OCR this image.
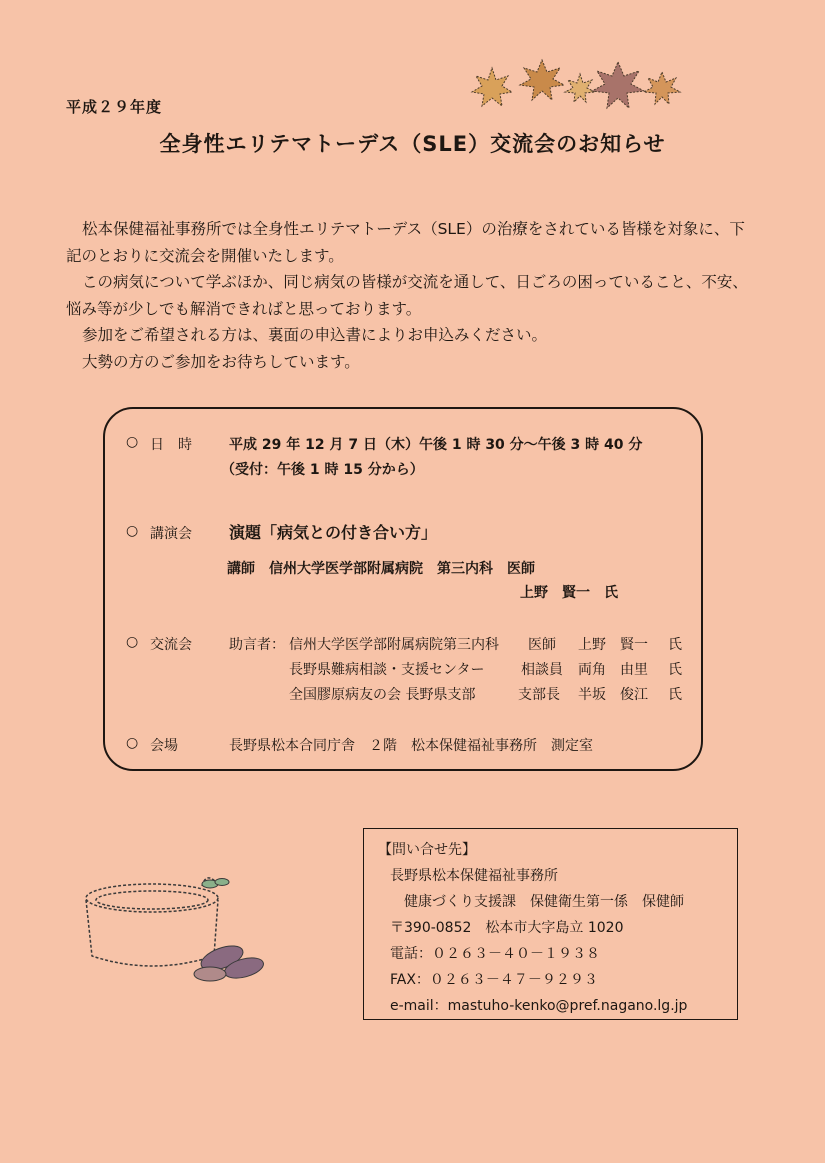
平成２９年度
全身性エリテマトーデス（SLE）交流会のお知らせ

松本保健福祉事務所では全身性エリテマトーデス（SLE）の治療をされている皆様を対象に、下記のとおりに交流会を開催いたします。

この病気について学ぶほか、同じ病気の皆様が交流を通して、日ごろの困っていること、不安、悩み等が少しでも解消できればと思っております。

参加をご希望される方は、裏面の申込書によりお申込みください。

大勢の方のご参加をお待ちしています。

○ 日　時	平成 29 年 12 月 7 日（木）午後 1 時 30 分～午後 3 時 40 分
（受付：午後 1 時 15 分から）
○ 講演会 演題「病気との付き合い方」
講師　信州大学医学部附属病院　第三内科　医師
上野　賢一　氏
○ 交流会	助言者： 信州大学医学部附属病院第三内科 医師 上野　賢一 氏
長野県難病相談・支援センター	相談員 両角　由里 氏
全国膠原病友の会 長野県支部	支部長 半坂　俊江 氏
○ 会場	長野県松本合同庁舎　２階　松本保健福祉事務所　測定室
【問い合せ先】
長野県松本保健福祉事務所
健康づくり支援課　保健衛生第一係　保健師
〒390-0852　松本市大字島立 1020
電話：０２６３－４０－１９３８
FAX：０２６３－４７－９２９３
e-mail：mastuho-kenko@pref.nagano.lg.jp
